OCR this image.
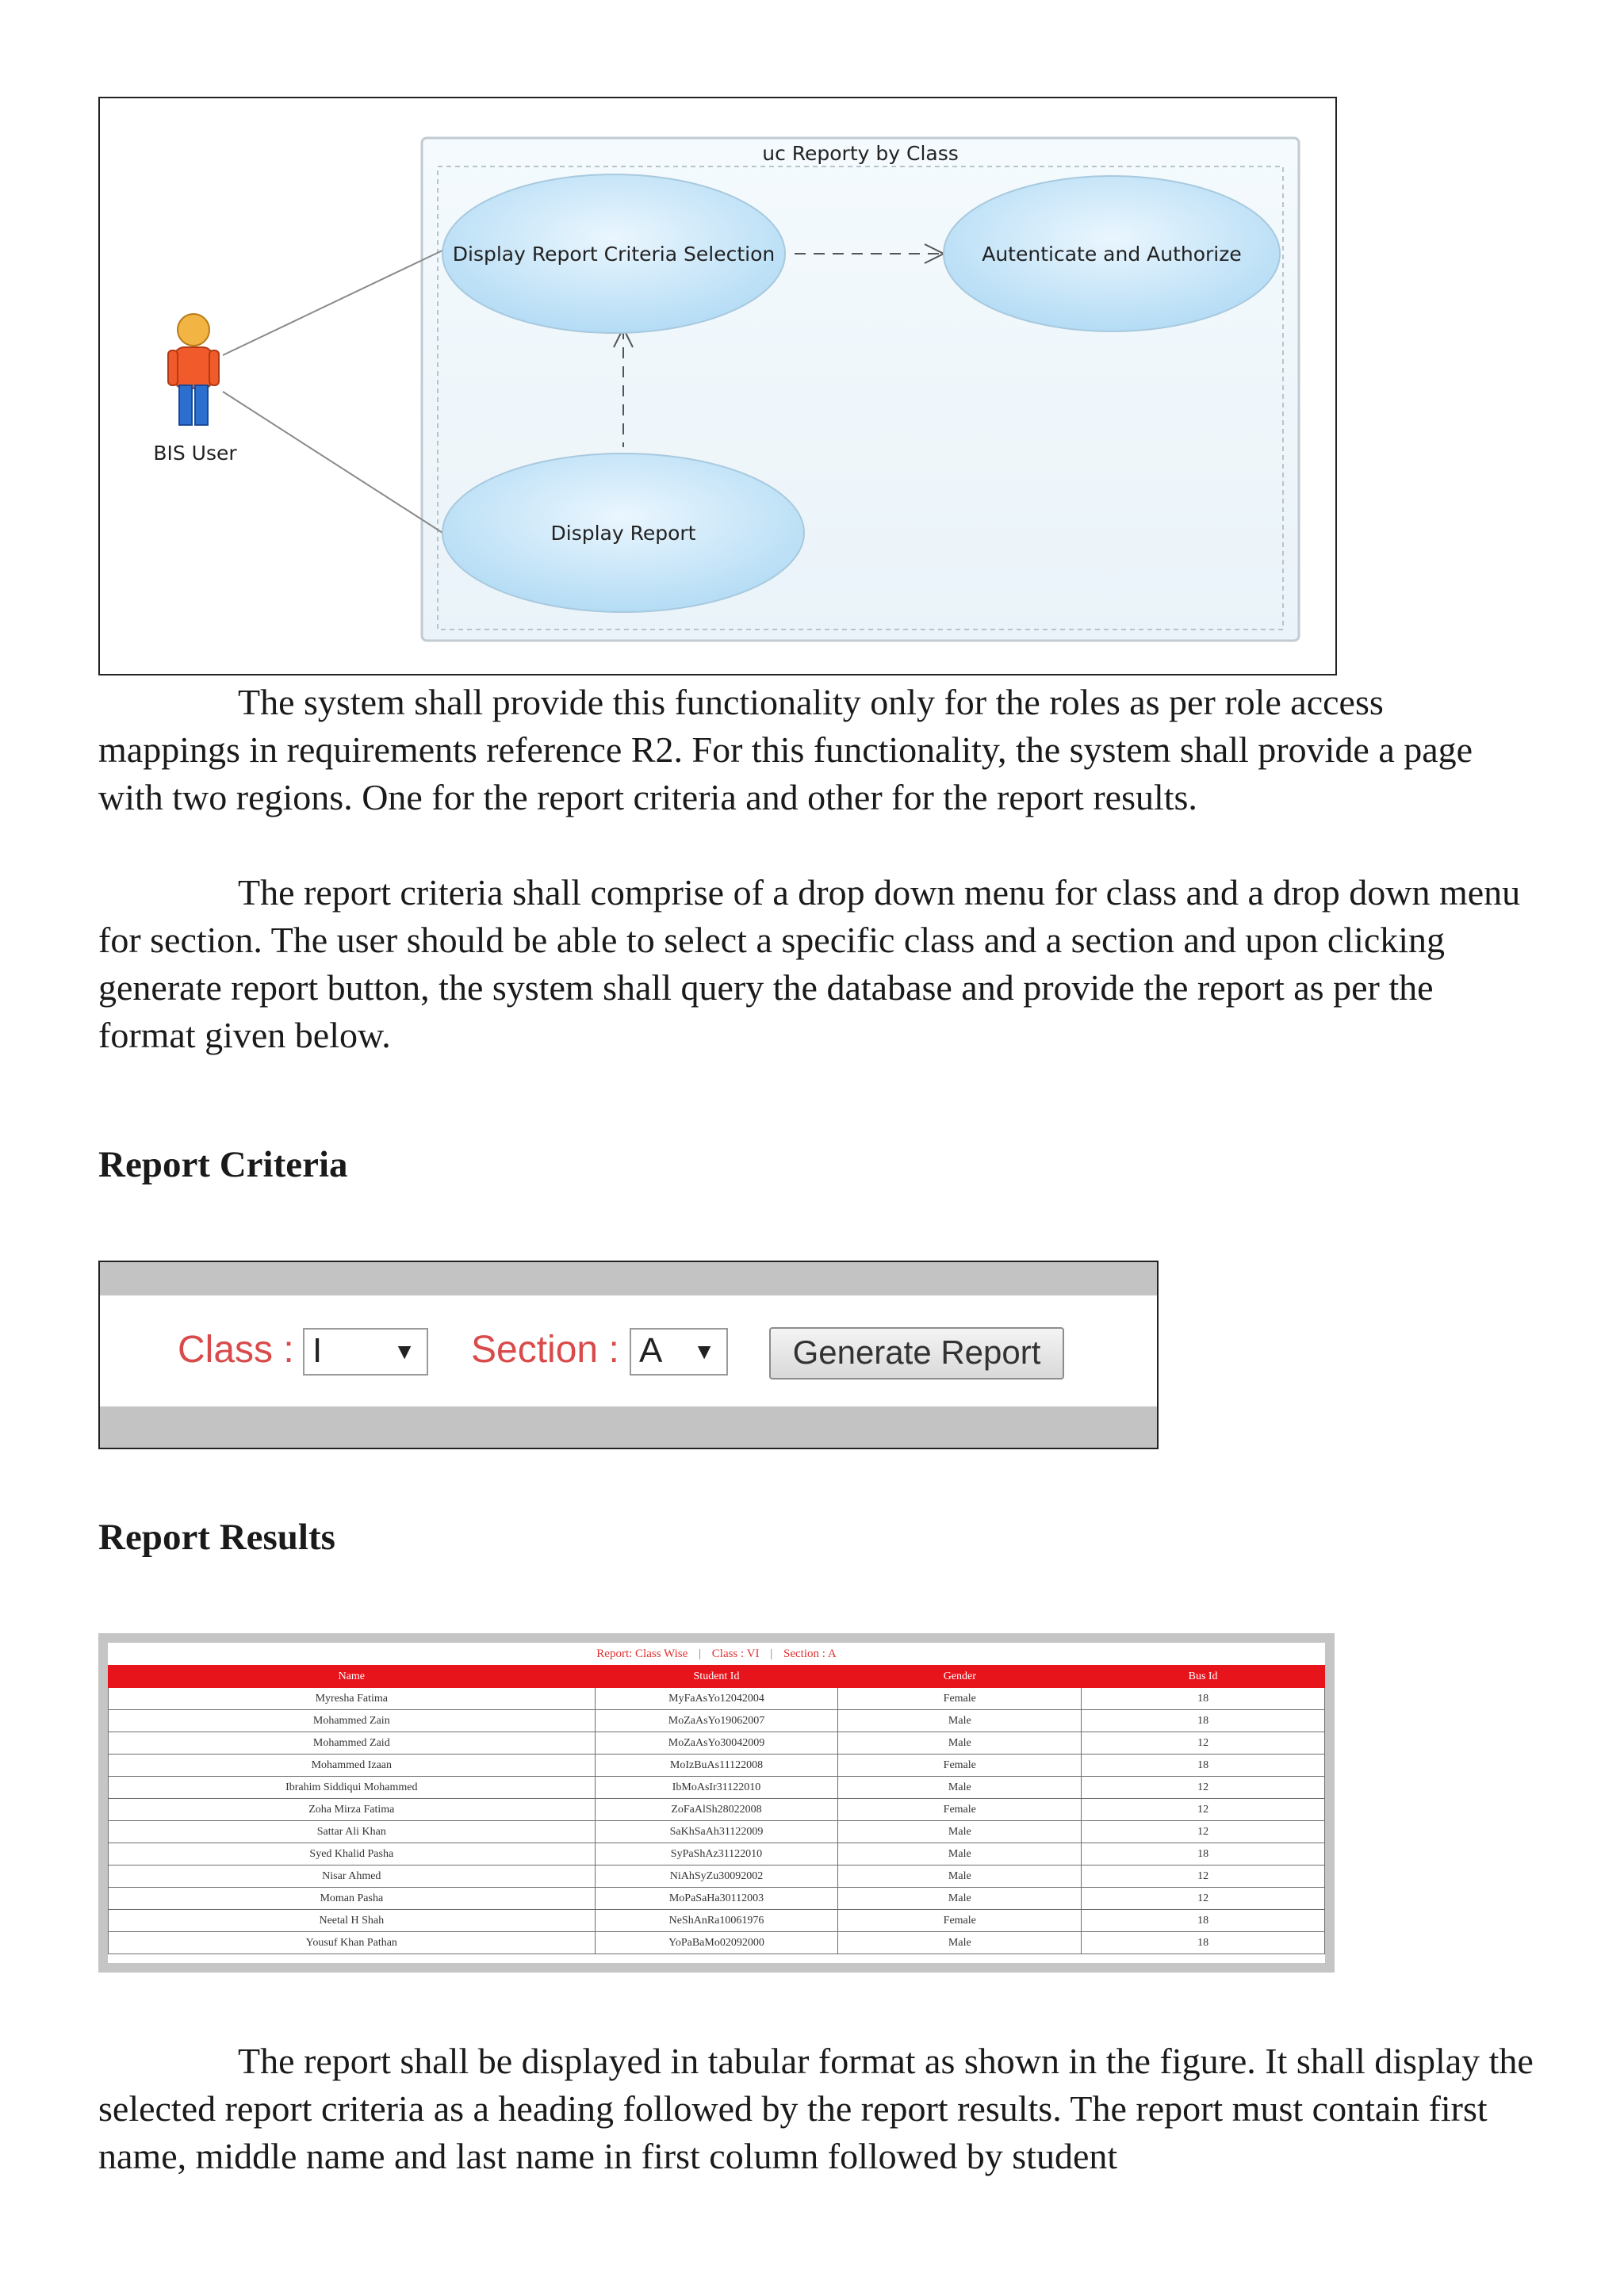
uc Reporty by Class
Display Report Criteria Selection	Autenticate and Authorize
Display Report
BIS User

The system shall provide this functionality only for the roles as per role access mappings in requirements reference R2. For this functionality, the system shall provide a page with two regions. One for the report criteria and other for the report results.

The report criteria shall comprise of a drop down menu for class and a drop down menu for section. The user should be able to select a specific class and a section and upon clicking generate report button, the system shall query the database and provide the report as per the format given below.

Report Criteria
Class : I	▼ Section : A ▼	Generate Report
Report Results
Report: Class Wise | Class : VI | Section : A
Name	Student Id	Gender	Bus Id
Myresha Fatima	MyFaAsYo12042004	Female	18
Mohammed Zain	MoZaAsYo19062007	Male	18
Mohammed Zaid	MoZaAsYo30042009	Male	12
Mohammed Izaan	MoIzBuAs11122008	Female	18
Ibrahim Siddiqui Mohammed	IbMoAsIr31122010	Male	12
Zoha Mirza Fatima	ZoFaAlSh28022008	Female	12
Sattar Ali Khan	SaKhSaAh31122009	Male	12
Syed Khalid Pasha	SyPaShAz31122010	Male	18
Nisar Ahmed	NiAhSyZu30092002	Male	12
Moman Pasha	MoPaSaHa30112003	Male	12
Neetal H Shah	NeShAnRa10061976	Female	18
Yousuf Khan Pathan	YoPaBaMo02092000	Male	18

The report shall be displayed in tabular format as shown in the figure. It shall display the selected report criteria as a heading followed by the report results. The report must contain first name, middle name and last name in first column followed by student
